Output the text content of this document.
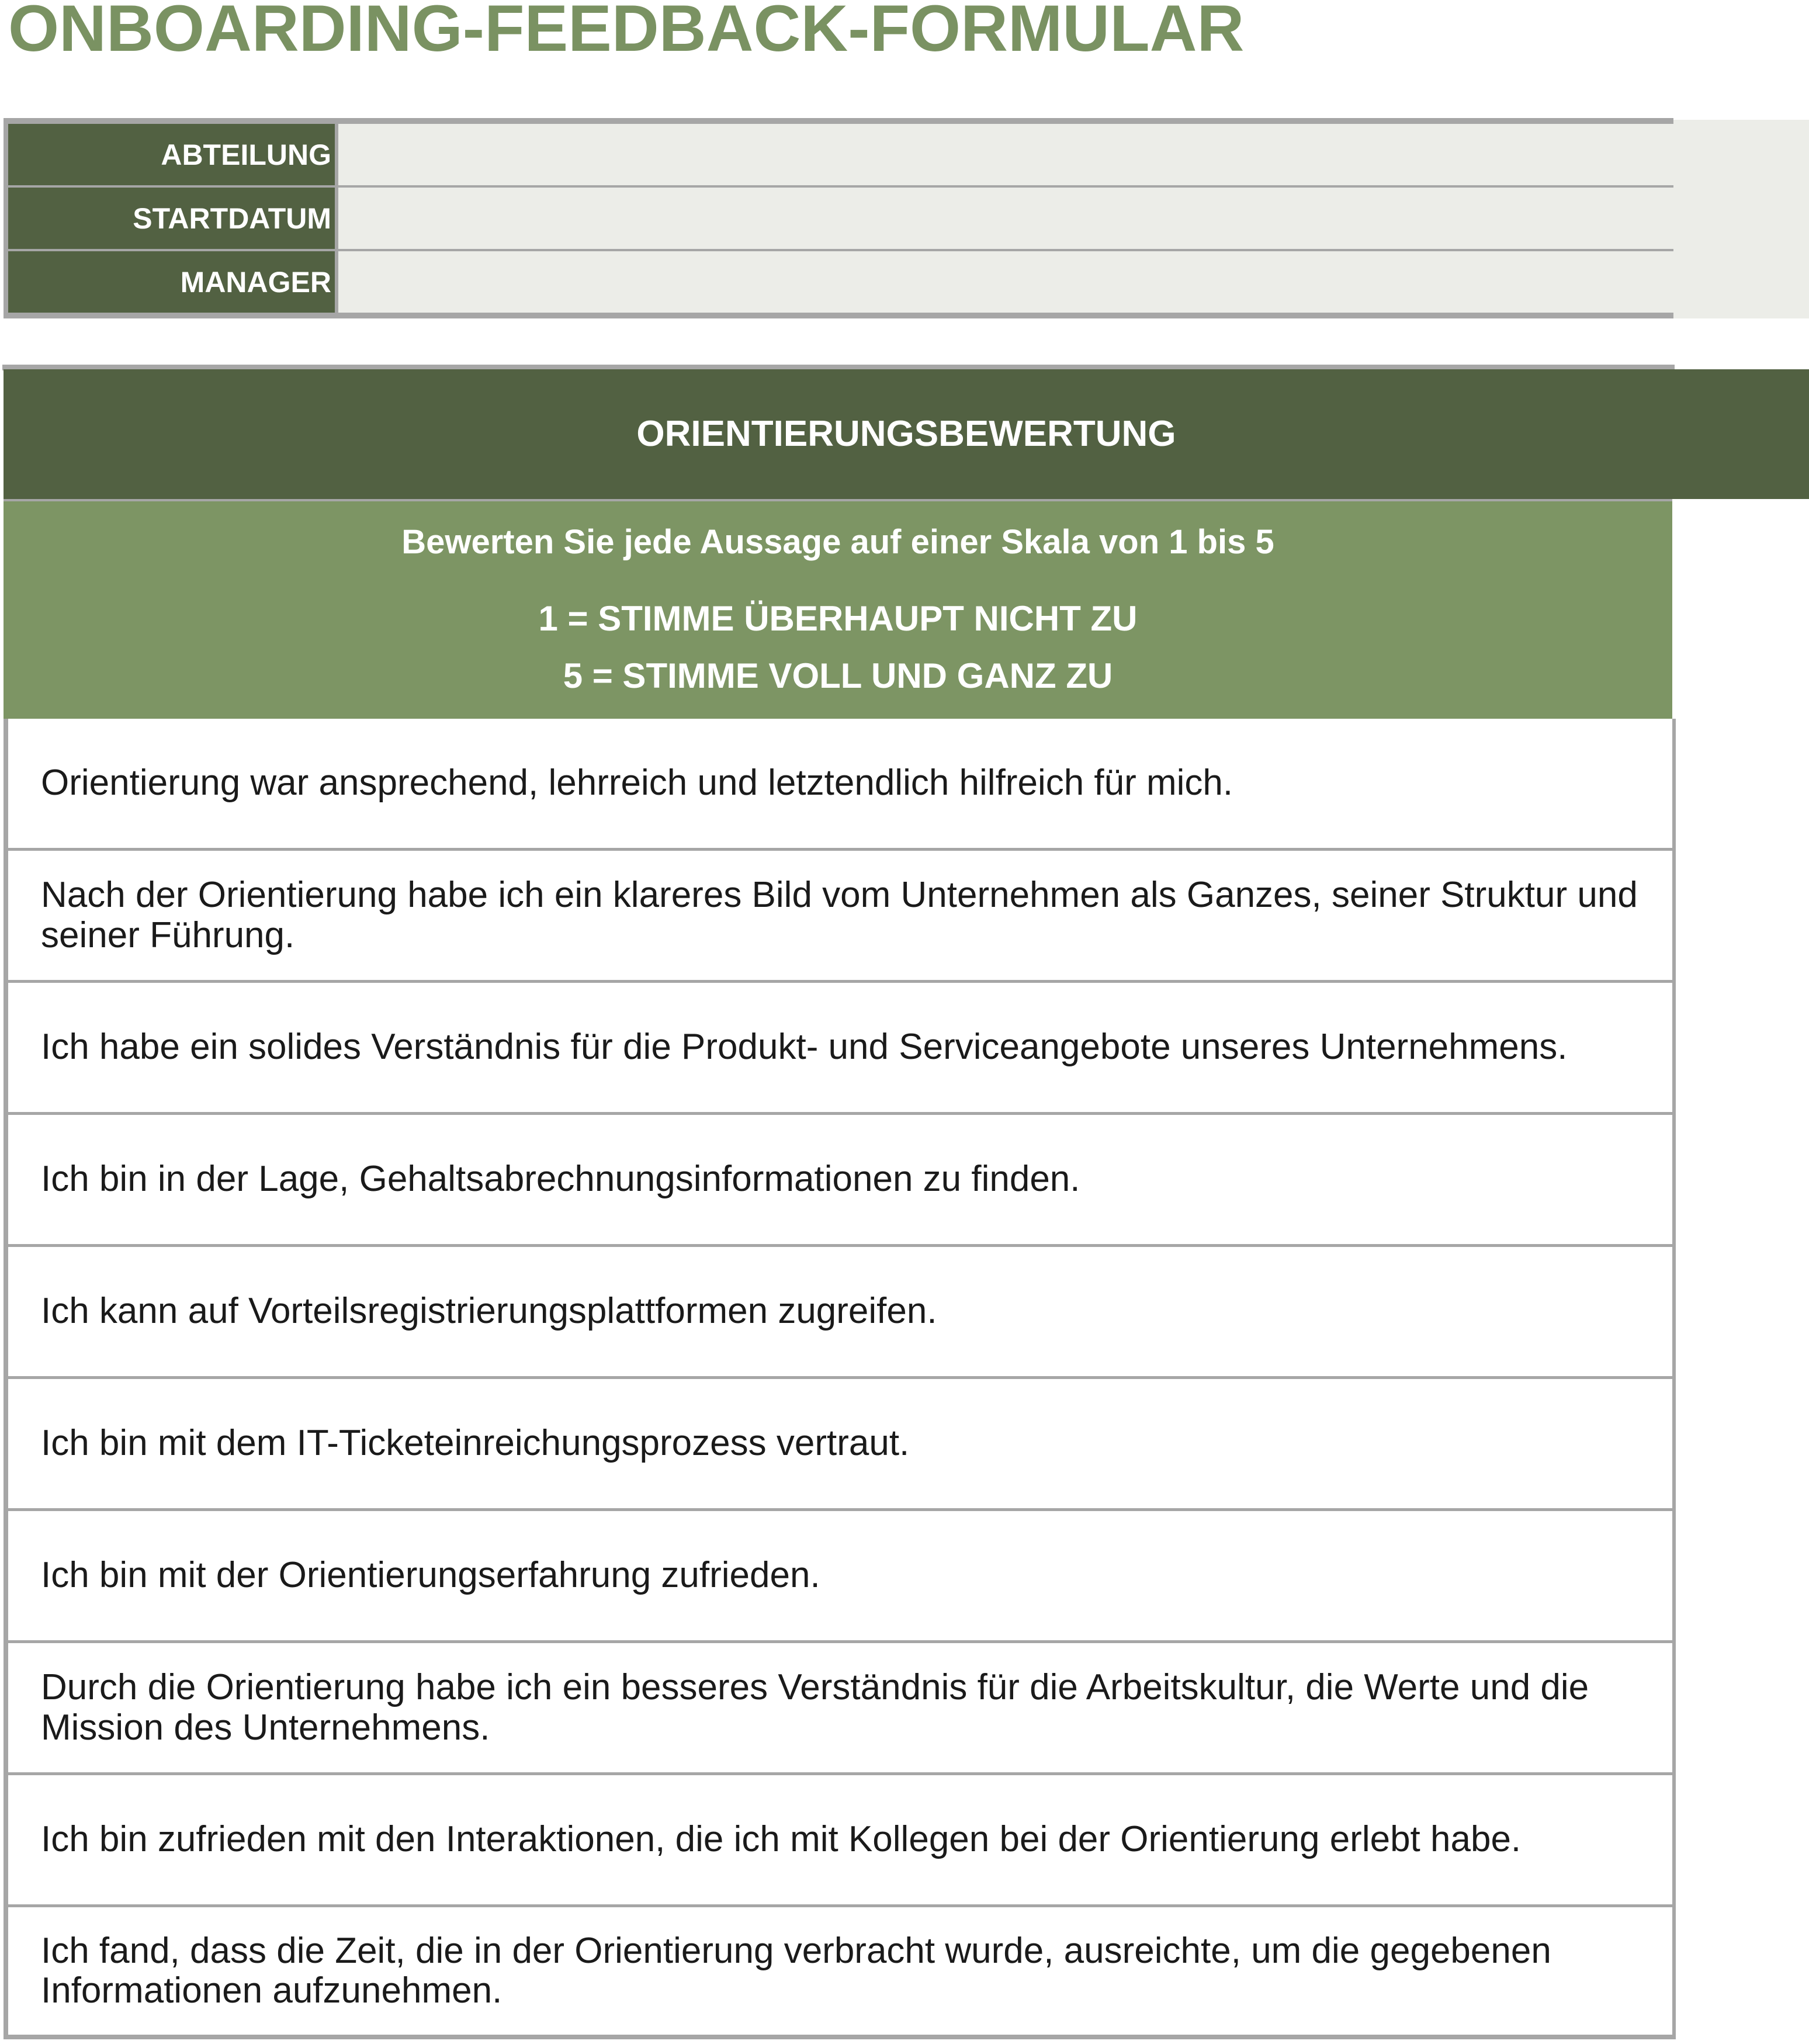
ONBOARDING-FEEDBACK-FORMULAR
ABTEILUNG	
STARTDATUM	
MANAGER	
ORIENTIERUNGSBEWERTUNG
Bewerten Sie jede Aussage auf einer Skala von 1 bis 5
1 = STIMME ÜBERHAUPT NICHT ZU
5 = STIMME VOLL UND GANZ ZU
Orientierung war ansprechend, lehrreich und letztendlich hilfreich für mich.
Nach der Orientierung habe ich ein klareres Bild vom Unternehmen als Ganzes, seiner Struktur und seiner Führung.
Ich habe ein solides Verständnis für die Produkt- und Serviceangebote unseres Unternehmens.
Ich bin in der Lage, Gehaltsabrechnungsinformationen zu finden.
Ich kann auf Vorteilsregistrierungsplattformen zugreifen.
Ich bin mit dem IT-Ticketeinreichungsprozess vertraut.
Ich bin mit der Orientierungserfahrung zufrieden.
Durch die Orientierung habe ich ein besseres Verständnis für die Arbeitskultur, die Werte und die Mission des Unternehmens.
Ich bin zufrieden mit den Interaktionen, die ich mit Kollegen bei der Orientierung erlebt habe.
Ich fand, dass die Zeit, die in der Orientierung verbracht wurde, ausreichte, um die gegebenen Informationen aufzunehmen.
